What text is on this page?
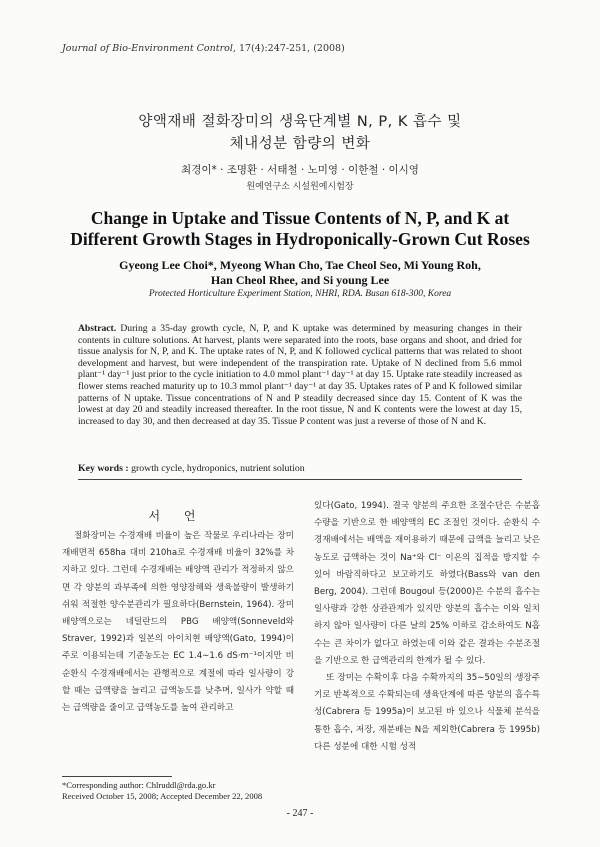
Journal of Bio-Environment Control, 17(4):247-251, (2008)
양액재배 절화장미의 생육단계별 N, P, K 흡수 및
체내성분 함량의 변화
최경이* · 조명환 · 서태철 · 노미영 · 이한철 · 이시영
원예연구소 시설원예시험장
Change in Uptake and Tissue Contents of N, P, and K at
Different Growth Stages in Hydroponically-Grown Cut Roses
Gyeong Lee Choi*, Myeong Whan Cho, Tae Cheol Seo, Mi Young Roh,
Han Cheol Rhee, and Si young Lee
Protected Horticulture Experiment Station, NHRI, RDA. Busan 618-300, Korea
Abstract. During a 35-day growth cycle, N, P, and K uptake was determined by measuring changes in their contents in culture solutions. At harvest, plants were separated into the roots, base organs and shoot, and dried for tissue analysis for N, P, and K. The uptake rates of N, P, and K followed cyclical patterns that was related to shoot development and harvest, but were independent of the transpiration rate. Uptake of N declined from 5.6 mmol plant⁻¹ day⁻¹ just prior to the cycle initiation to 4.0 mmol plant⁻¹ day⁻¹ at day 15. Uptake rate steadily increased as flower stems reached maturity up to 10.3 mmol plant⁻¹ day⁻¹ at day 35. Uptakes rates of P and K followed similar patterns of N uptake. Tissue concentrations of N and P steadily decreased since day 15. Content of K was the lowest at day 20 and steadily increased thereafter. In the root tissue, N and K contents were the lowest at day 15, increased to day 30, and then decreased at day 35. Tissue P content was just a reverse of those of N and K.
Key words : growth cycle, hydroponics, nutrient solution
서 언

절화장미는 수경재배 비율이 높은 작물로 우리나라는 장미 재배면적 658ha 대비 210ha로 수경재배 비율이 32%를 차지하고 있다. 그런데 수경재배는 배양액 관리가 적정하지 않으면 각 양분의 과부족에 의한 영양장해와 생육불량이 발생하기 쉬워 적절한 양수분관리가 필요하다(Bernstein, 1964). 장미 배양액으로는 네덜란드의 PBG 배양액(Sonneveld와 Straver, 1992)과 일본의 아이치현 배양액(Gato, 1994)이 주로 이용되는데 기준농도는 EC 1.4∼1.6 dS·m⁻¹이지만 비순환식 수경재배에서는 관행적으로 계절에 따라 일사량이 강할 때는 급액량을 늘리고 급액농도를 낮추며, 일사가 약할 때는 급액량을 줄이고 급액농도를 높여 관리하고

있다(Gato, 1994). 결국 양분의 주요한 조절수단은 수분흡수량을 기반으로 한 배양액의 EC 조절인 것이다. 순환식 수경재배에서는 배액을 재이용하기 때문에 급액을 늘리고 낮은 농도로 급액하는 것이 Na⁺와 Cl⁻ 이온의 집적을 방지할 수 있어 바람직하다고 보고하기도 하였다(Bass와 van den Berg, 2004). 그런데 Bougoul 등(2000)은 수분의 흡수는 일사량과 강한 상관관계가 있지만 양분의 흡수는 이와 일치하지 않아 일사량이 다른 날의 25% 이하로 감소하여도 N흡수는 큰 차이가 없다고 하였는데 이와 같은 결과는 수분조절을 기반으로 한 급액관리의 한계가 될 수 있다.

또 장미는 수확이후 다음 수확까지의 35∼50일의 생장주기로 반복적으로 수확되는데 생육단계에 따른 양분의 흡수특성(Cabrera 등 1995a)이 보고된 바 있으나 식물체 분석을 통한 흡수, 저장, 재분배는 N을 제외한(Cabrera 등 1995b) 다른 성분에 대한 시험 성적

*Corresponding author: Chlruddl@rda.go.kr
Received October 15, 2008; Accepted December 22, 2008
- 247 -
